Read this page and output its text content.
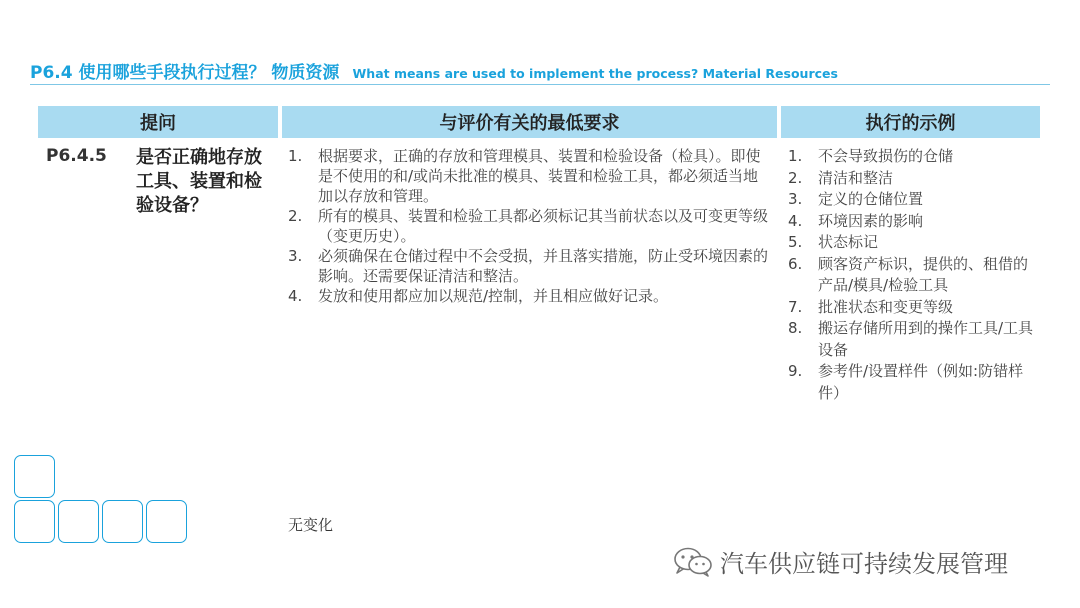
P6.4 使用哪些手段执行过程？ 物质资源 What means are used to implement the process? Material Resources
提问	与评价有关的最低要求	执行的示例
P6.4.5 是否正确地存放工具、装置和检验设备？
1. 根据要求，正确的存放和管理模具、装置和检验设备（检具）。即使是不使用的和/或尚未批准的模具、装置和检验工具，都必须适当地加以存放和管理。
2. 所有的模具、装置和检验工具都必须标记其当前状态以及可变更等级（变更历史）。
3. 必须确保在仓储过程中不会受损，并且落实措施，防止受环境因素的影响。还需要保证清洁和整洁。
4. 发放和使用都应加以规范/控制，并且相应做好记录。
1. 不会导致损伤的仓储
2. 清洁和整洁
3. 定义的仓储位置
4. 环境因素的影响
5. 状态标记
6. 顾客资产标识，提供的、租借的产品/模具/检验工具
7. 批准状态和变更等级
8. 搬运存储所用到的操作工具/工具设备
9. 参考件/设置样件（例如:防错样件）
无变化
汽车供应链可持续发展管理
